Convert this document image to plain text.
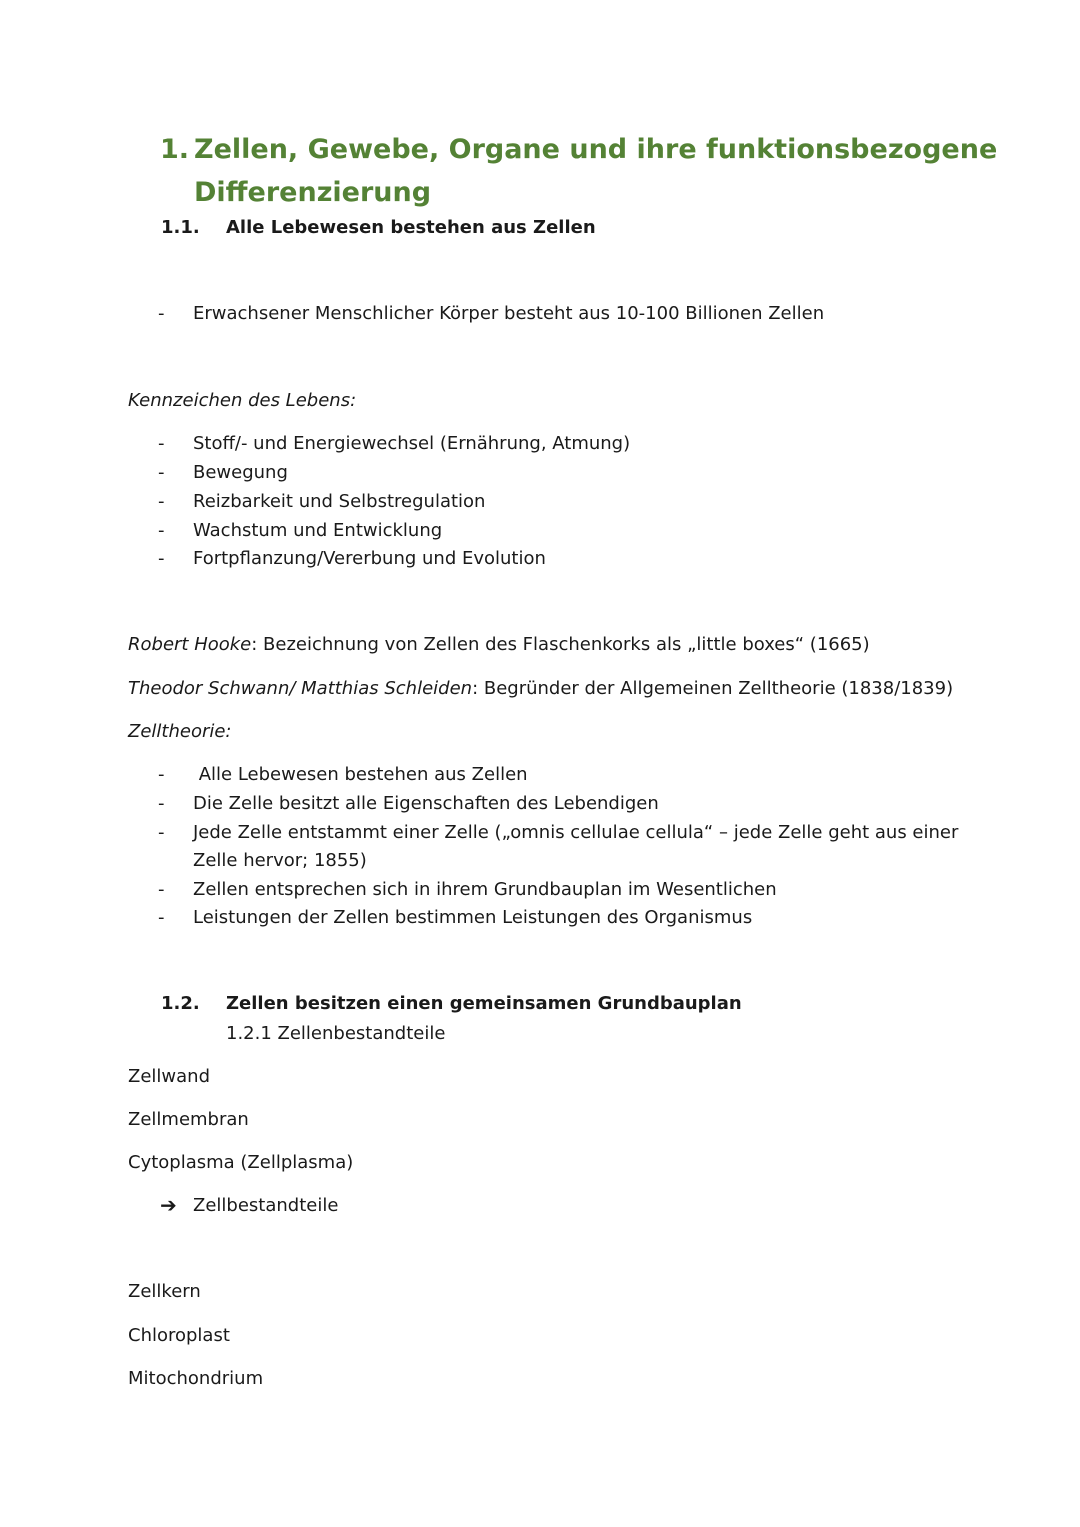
1. Zellen, Gewebe, Organe und ihre funktionsbezogene
Differenzierung
1.1. Alle Lebewesen bestehen aus Zellen
- Erwachsener Menschlicher Körper besteht aus 10-100 Billionen Zellen
Kennzeichen des Lebens:
- Stoff/- und Energiewechsel (Ernährung, Atmung)
- Bewegung
- Reizbarkeit und Selbstregulation
- Wachstum und Entwicklung
- Fortpflanzung/Vererbung und Evolution
Robert Hooke: Bezeichnung von Zellen des Flaschenkorks als „little boxes“ (1665)
Theodor Schwann/ Matthias Schleiden: Begründer der Allgemeinen Zelltheorie (1838/1839)
Zelltheorie:
- Alle Lebewesen bestehen aus Zellen
- Die Zelle besitzt alle Eigenschaften des Lebendigen
- Jede Zelle entstammt einer Zelle („omnis cellulae cellula“ – jede Zelle geht aus einer
Zelle hervor; 1855)
- Zellen entsprechen sich in ihrem Grundbauplan im Wesentlichen
- Leistungen der Zellen bestimmen Leistungen des Organismus
1.2. Zellen besitzen einen gemeinsamen Grundbauplan
1.2.1 Zellenbestandteile
Zellwand
Zellmembran
Cytoplasma (Zellplasma)
➔ Zellbestandteile
Zellkern
Chloroplast
Mitochondrium
